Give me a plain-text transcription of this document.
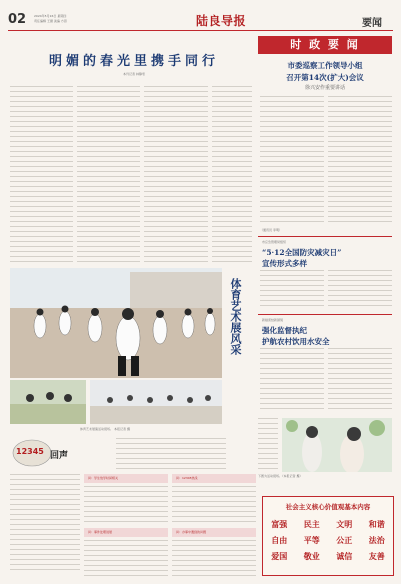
02	2024年5月16日 星期四
责任编辑 王薇 美编 方思	陆良导报	要闻
明媚的春光里携手同行
本刊记者 林静雯
体育艺术展风采
体育艺术展演活动现场。 本报记者 摄
时 政 要 闻
市委巡察工作领导小组
召开第14次(扩大)会议
徐兴安作重要讲话
（通讯员 李明）
市应急管理局组织
“5·12全国防灾减灾日”
宣传形式多样
新婚喜结新颜貌
强化监督执纪
护航农村饮用水安全
下图为活动现场。（本报记者 摄）
12345 回声
问：学生放学时间相关
问：事件处理进展
问：12345热线
问：办事中遇到的问题
社会主义核心价值观基本内容
富强 民主 文明 和谐
自由 平等 公正 法治
爱国 敬业 诚信 友善
